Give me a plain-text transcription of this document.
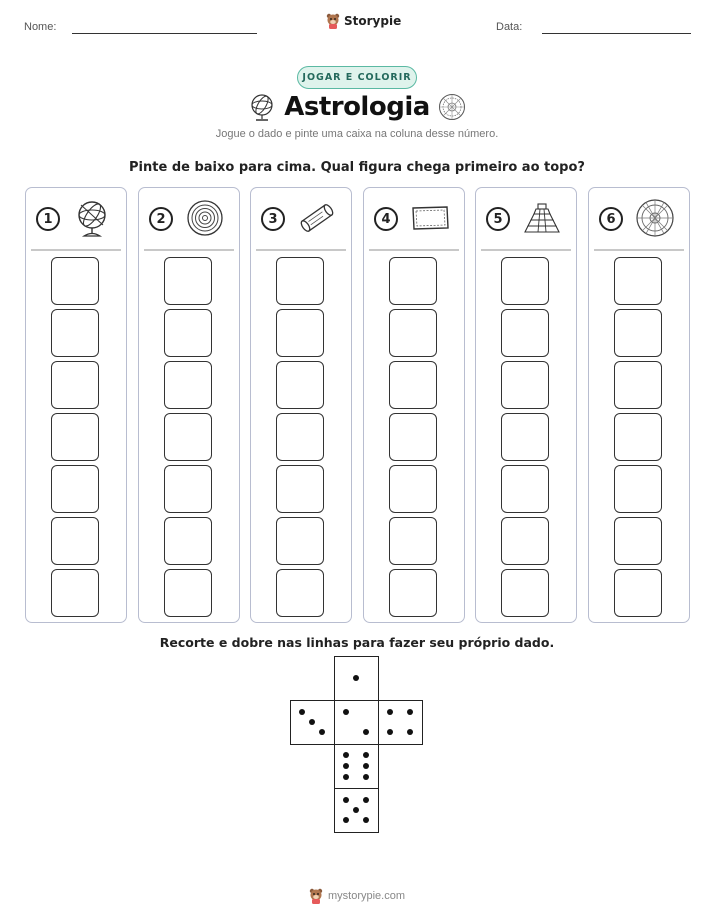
Nome:	Storypie	Data:
JOGAR E COLORIR
Astrologia
Jogue o dado e pinte uma caixa na coluna desse número.
Pinte de baixo para cima. Qual figura chega primeiro ao topo?
1	2	3	4	5	6
Recorte e dobre nas linhas para fazer seu próprio dado.
mystorypie.com
